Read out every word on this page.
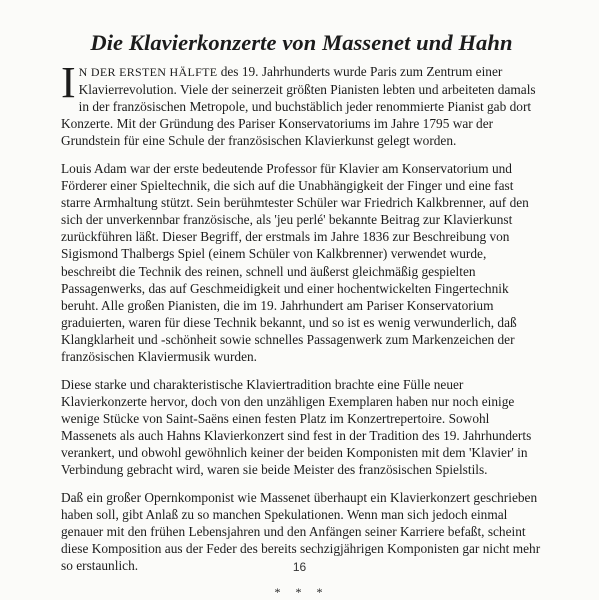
Die Klavierkonzerte von Massenet und Hahn

I N DER ERSTEN HÄLFTE des 19. Jahrhunderts wurde Paris zum Zentrum einer Klavierrevolution. Viele der seinerzeit größten Pianisten lebten und arbeiteten damals in der französischen Metropole, und buchstäblich jeder renommierte Pianist gab dort Konzerte. Mit der Gründung des Pariser Konservatoriums im Jahre 1795 war der Grundstein für eine Schule der französischen Klavierkunst gelegt worden.

Louis Adam war der erste bedeutende Professor für Klavier am Konservatorium und Förderer einer Spieltechnik, die sich auf die Unabhängigkeit der Finger und eine fast starre Armhaltung stützt. Sein berühmtester Schüler war Friedrich Kalkbrenner, auf den sich der unverkennbar französische, als 'jeu perlé' bekannte Beitrag zur Klavierkunst zurückführen läßt. Dieser Begriff, der erstmals im Jahre 1836 zur Beschreibung von Sigismond Thalbergs Spiel (einem Schüler von Kalkbrenner) verwendet wurde, beschreibt die Technik des reinen, schnell und äußerst gleichmäßig gespielten Passagenwerks, das auf Geschmeidigkeit und einer hochentwickelten Fingertechnik beruht. Alle großen Pianisten, die im 19. Jahrhundert am Pariser Konservatorium graduierten, waren für diese Technik bekannt, und so ist es wenig verwunderlich, daß Klangklarheit und -schönheit sowie schnelles Passagenwerk zum Markenzeichen der französischen Klaviermusik wurden.

Diese starke und charakteristische Klaviertradition brachte eine Fülle neuer Klavierkonzerte hervor, doch von den unzähligen Exemplaren haben nur noch einige wenige Stücke von Saint-Saëns einen festen Platz im Konzertrepertoire. Sowohl Massenets als auch Hahns Klavierkonzert sind fest in der Tradition des 19. Jahrhunderts verankert, und obwohl gewöhnlich keiner der beiden Komponisten mit dem 'Klavier' in Verbindung gebracht wird, waren sie beide Meister des französischen Spielstils.

Daß ein großer Opernkomponist wie Massenet überhaupt ein Klavierkonzert geschrieben haben soll, gibt Anlaß zu so manchen Spekulationen. Wenn man sich jedoch einmal genauer mit den frühen Lebensjahren und den Anfängen seiner Karriere befaßt, scheint diese Komposition aus der Feder des bereits sechzigjährigen Komponisten gar nicht mehr so erstaunlich.

* * *
16
